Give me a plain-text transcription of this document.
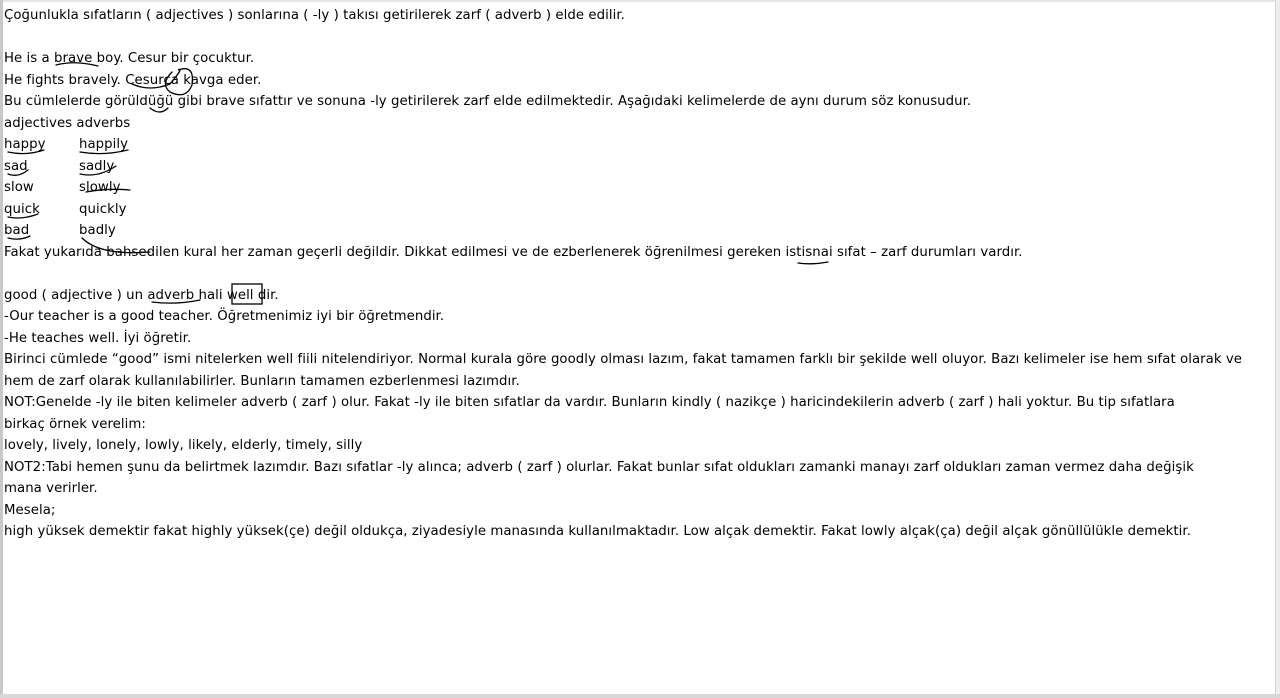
Çoğunlukla sıfatların ( adjectives ) sonlarına ( -ly ) takısı getirilerek zarf ( adverb ) elde edilir.
He is a brave boy. Cesur bir çocuktur.
He fights bravely. Cesurca kavga eder.
Bu cümlelerde görüldüğü gibi brave sıfattır ve sonuna -ly getirilerek zarf elde edilmektedir. Aşağıdaki kelimelerde de aynı durum söz konusudur.
adjectives adverbs
happy	happily
sad	sadly
slow	slowly
quick	quickly
bad	badly
Fakat yukarıda bahsedilen kural her zaman geçerli değildir. Dikkat edilmesi ve de ezberlenerek öğrenilmesi gereken istisnai sıfat – zarf durumları vardır.
good ( adjective ) un adverb hali well dir.
-Our teacher is a good teacher. Öğretmenimiz iyi bir öğretmendir.
-He teaches well. İyi öğretir.
Birinci cümlede “good” ismi nitelerken well fiili nitelendiriyor. Normal kurala göre goodly olması lazım, fakat tamamen farklı bir şekilde well oluyor. Bazı kelimeler ise hem sıfat olarak ve
hem de zarf olarak kullanılabilirler. Bunların tamamen ezberlenmesi lazımdır.
NOT:Genelde -ly ile biten kelimeler adverb ( zarf ) olur. Fakat -ly ile biten sıfatlar da vardır. Bunların kindly ( nazikçe ) haricindekilerin adverb ( zarf ) hali yoktur. Bu tip sıfatlara
birkaç örnek verelim:
lovely, lively, lonely, lowly, likely, elderly, timely, silly
NOT2:Tabi hemen şunu da belirtmek lazımdır. Bazı sıfatlar -ly alınca; adverb ( zarf ) olurlar. Fakat bunlar sıfat oldukları zamanki manayı zarf oldukları zaman vermez daha değişik
mana verirler.
Mesela;
high yüksek demektir fakat highly yüksek(çe) değil oldukça, ziyadesiyle manasında kullanılmaktadır. Low alçak demektir. Fakat lowly alçak(ça) değil alçak gönüllülükle demektir.
